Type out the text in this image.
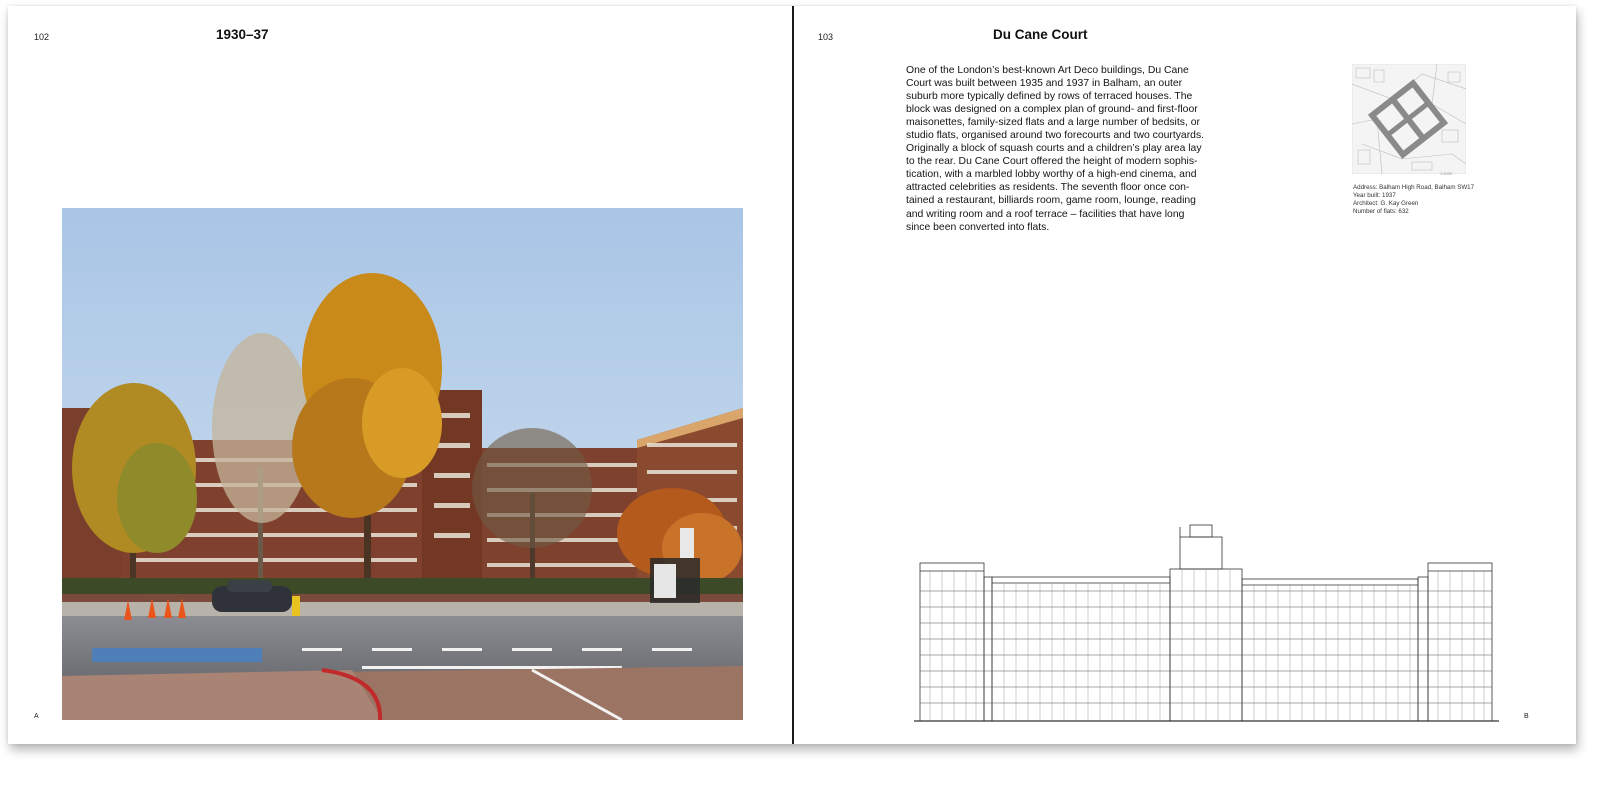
102	1930–37
A
103	Du Cane Court

One of the London’s best-known Art Deco buildings, Du Cane
Court was built between 1935 and 1937 in Balham, an outer
suburb more typically defined by rows of terraced houses. The
block was designed on a complex plan of ground- and first-floor
maisonettes, family-sized flats and a large number of bedsits, or
studio flats, organised around two forecourts and two courtyards.
Originally a block of squash courts and a children’s play area lay
to the rear. Du Cane Court offered the height of modern sophis-
tication, with a marbled lobby worthy of a high-end cinema, and
attracted celebrities as residents. The seventh floor once con-
tained a restaurant, billiards room, game room, lounge, reading
and writing room and a roof terrace – facilities that have long
since been converted into flats.

1:5000
Address: Balham High Road, Balham SW17
Year built: 1937
Architect: G. Kay Green
Number of flats: 632
B
